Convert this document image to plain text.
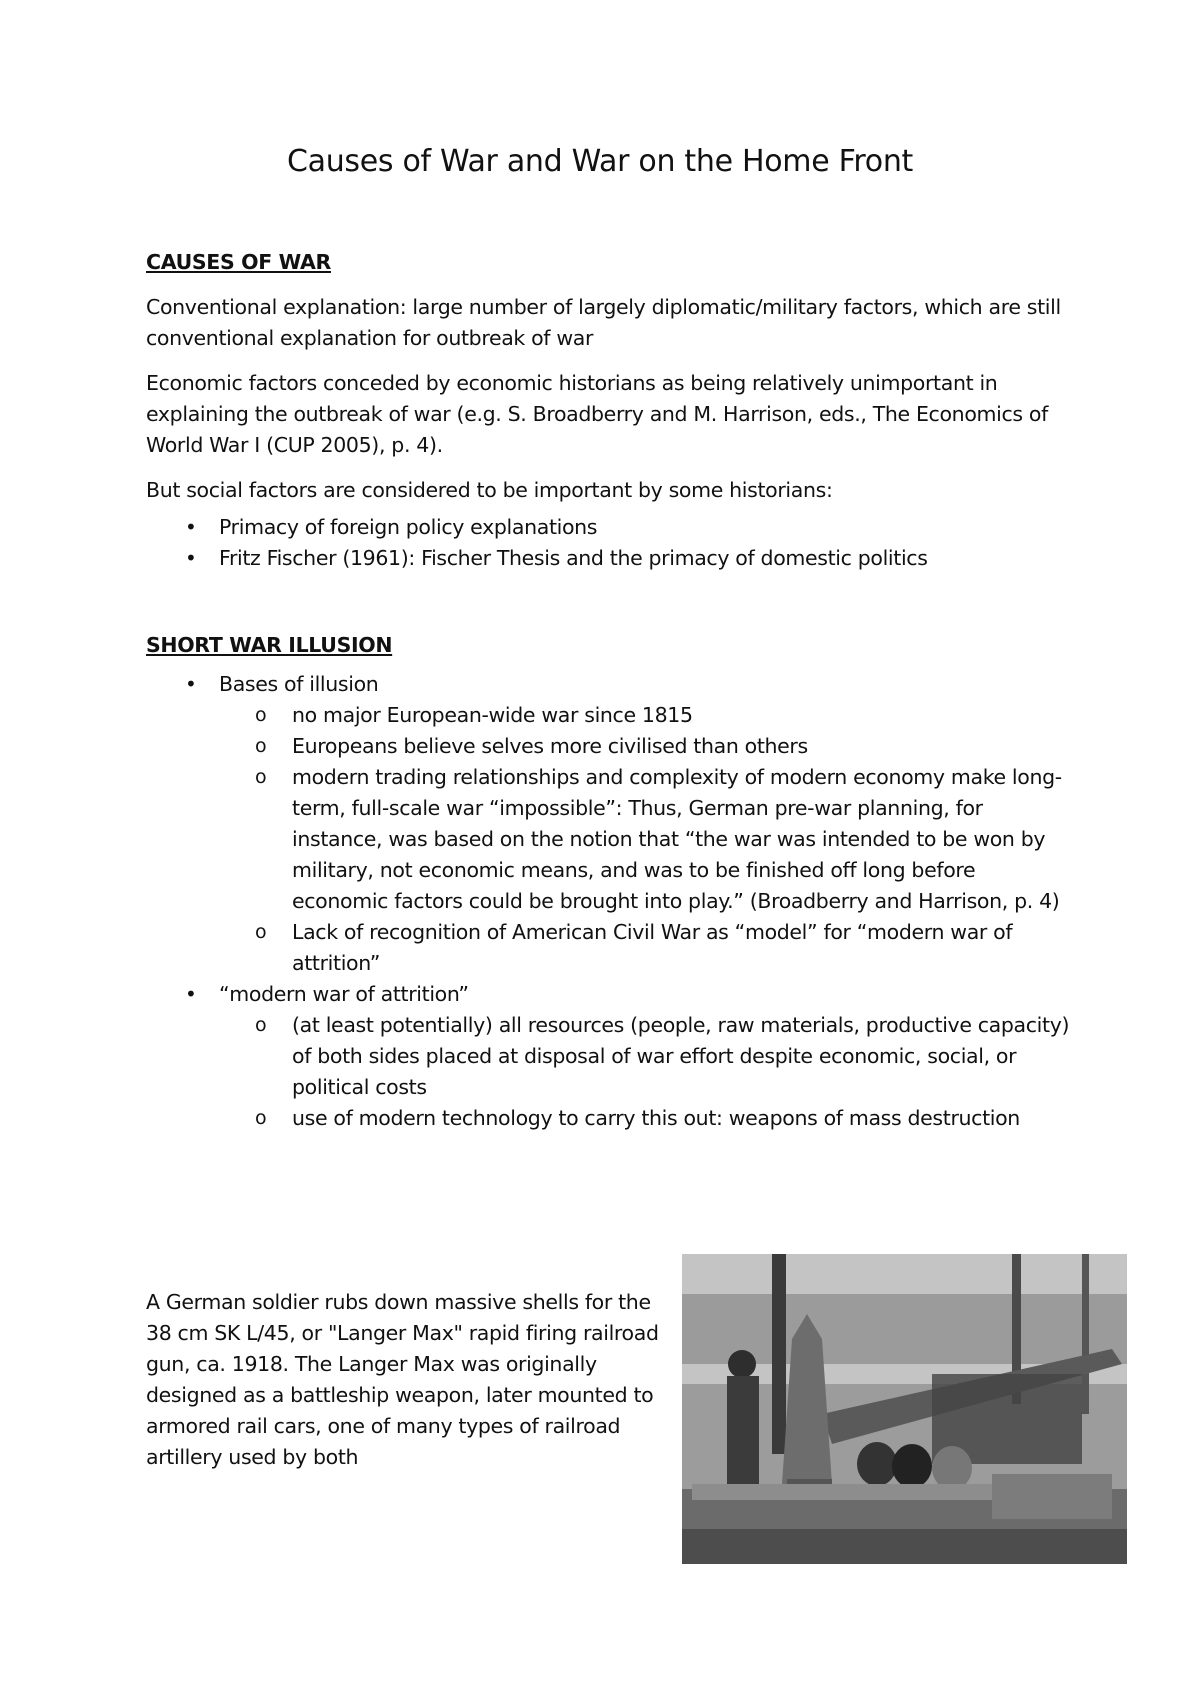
Causes of War and War on the Home Front

CAUSES OF WAR

Conventional explanation: large number of largely diplomatic/military factors, which are still conventional explanation for outbreak of war

Economic factors conceded by economic historians as being relatively unimportant in explaining the outbreak of war (e.g. S. Broadberry and M. Harrison, eds., The Economics of World War I (CUP 2005), p. 4).

But social factors are considered to be important by some historians:

• Primacy of foreign policy explanations
• Fritz Fischer (1961): Fischer Thesis and the primacy of domestic politics

SHORT WAR ILLUSION

• Bases of illusion
o no major European-wide war since 1815
o Europeans believe selves more civilised than others
o modern trading relationships and complexity of modern economy make long-term, full-scale war “impossible”: Thus, German pre-war planning, for instance, was based on the notion that “the war was intended to be won by military, not economic means, and was to be finished off long before economic factors could be brought into play.” (Broadberry and Harrison, p. 4)
o Lack of recognition of American Civil War as “model” for “modern war of attrition”
• “modern war of attrition”
o (at least potentially) all resources (people, raw materials, productive capacity) of both sides placed at disposal of war effort despite economic, social, or political costs
o use of modern technology to carry this out: weapons of mass destruction

A German soldier rubs down massive shells for the 38 cm SK L/45, or "Langer Max" rapid firing railroad gun, ca. 1918. The Langer Max was originally designed as a battleship weapon, later mounted to armored rail cars, one of many types of railroad artillery used by both
